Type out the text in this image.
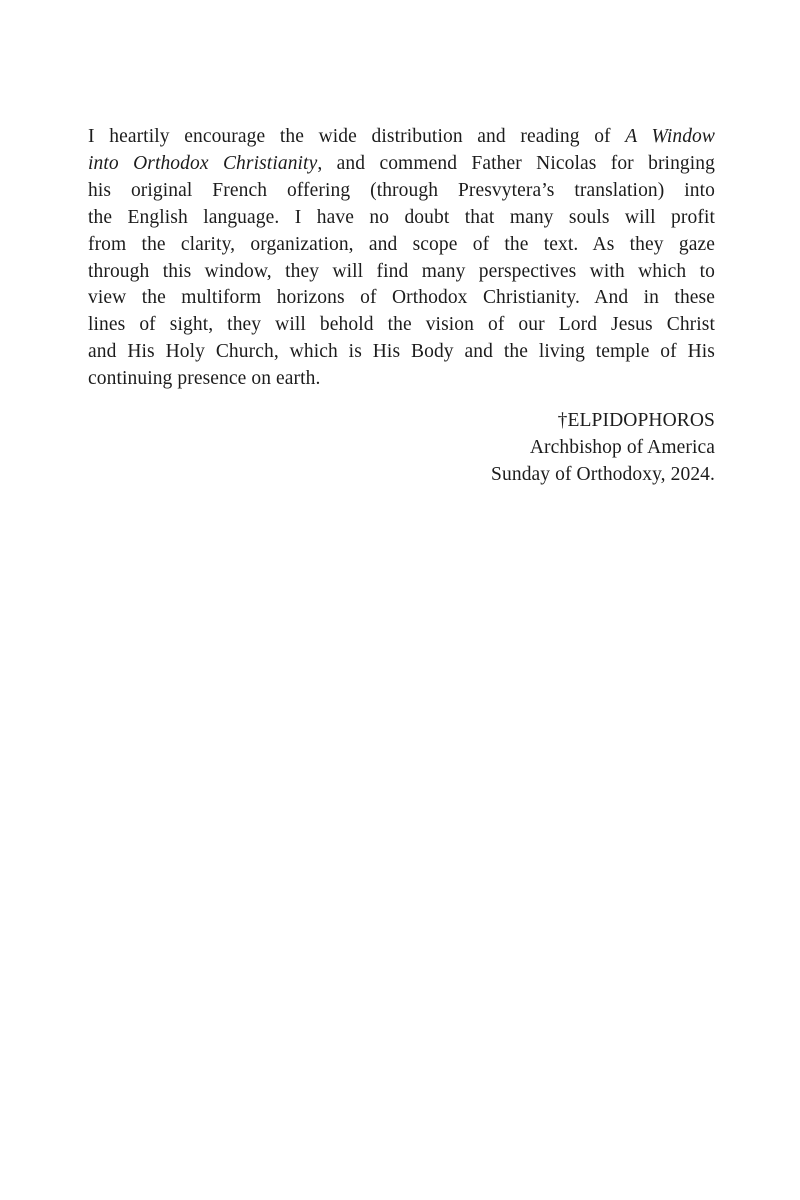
I heartily encourage the wide distribution and reading of A Window
into Orthodox Christianity, and commend Father Nicolas for bringing
his original French offering (through Presvytera’s translation) into
the English language. I have no doubt that many souls will profit
from the clarity, organization, and scope of the text. As they gaze
through this window, they will find many perspectives with which to
view the multiform horizons of Orthodox Christianity. And in these
lines of sight, they will behold the vision of our Lord Jesus Christ
and His Holy Church, which is His Body and the living temple of His
continuing presence on earth.
†ELPIDOPHOROS
Archbishop of America
Sunday of Orthodoxy, 2024.
